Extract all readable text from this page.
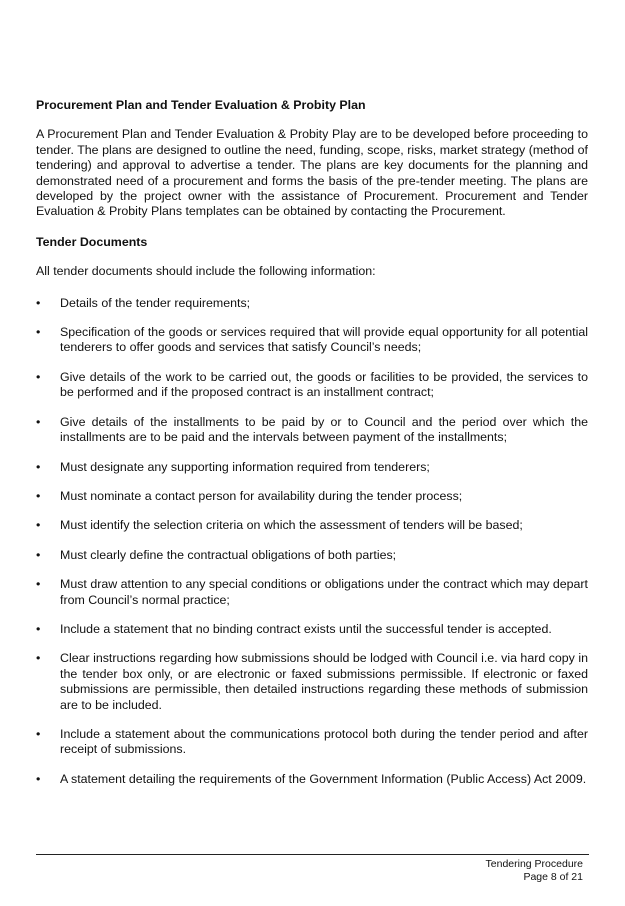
Procurement Plan and Tender Evaluation & Probity Plan
A Procurement Plan and Tender Evaluation & Probity Play are to be developed before proceeding to tender. The plans are designed to outline the need, funding, scope, risks, market strategy (method of tendering) and approval to advertise a tender. The plans are key documents for the planning and demonstrated need of a procurement and forms the basis of the pre-tender meeting. The plans are developed by the project owner with the assistance of Procurement. Procurement and Tender Evaluation & Probity Plans templates can be obtained by contacting the Procurement.
Tender Documents
All tender documents should include the following information:
•	Details of the tender requirements;
•	Specification of the goods or services required that will provide equal opportunity for all potential tenderers to offer goods and services that satisfy Council’s needs;
•	Give details of the work to be carried out, the goods or facilities to be provided, the services to be performed and if the proposed contract is an installment contract;
•	Give details of the installments to be paid by or to Council and the period over which the installments are to be paid and the intervals between payment of the installments;
•	Must designate any supporting information required from tenderers;
•	Must nominate a contact person for availability during the tender process;
•	Must identify the selection criteria on which the assessment of tenders will be based;
•	Must clearly define the contractual obligations of both parties;
•	Must draw attention to any special conditions or obligations under the contract which may depart from Council’s normal practice;
•	Include a statement that no binding contract exists until the successful tender is accepted.
•	Clear instructions regarding how submissions should be lodged with Council i.e. via hard copy in the tender box only, or are electronic or faxed submissions permissible. If electronic or faxed submissions are permissible, then detailed instructions regarding these methods of submission are to be included.
•	Include a statement about the communications protocol both during the tender period and after receipt of submissions.
•	A statement detailing the requirements of the Government Information (Public Access) Act 2009.
Tendering Procedure
Page 8 of 21
